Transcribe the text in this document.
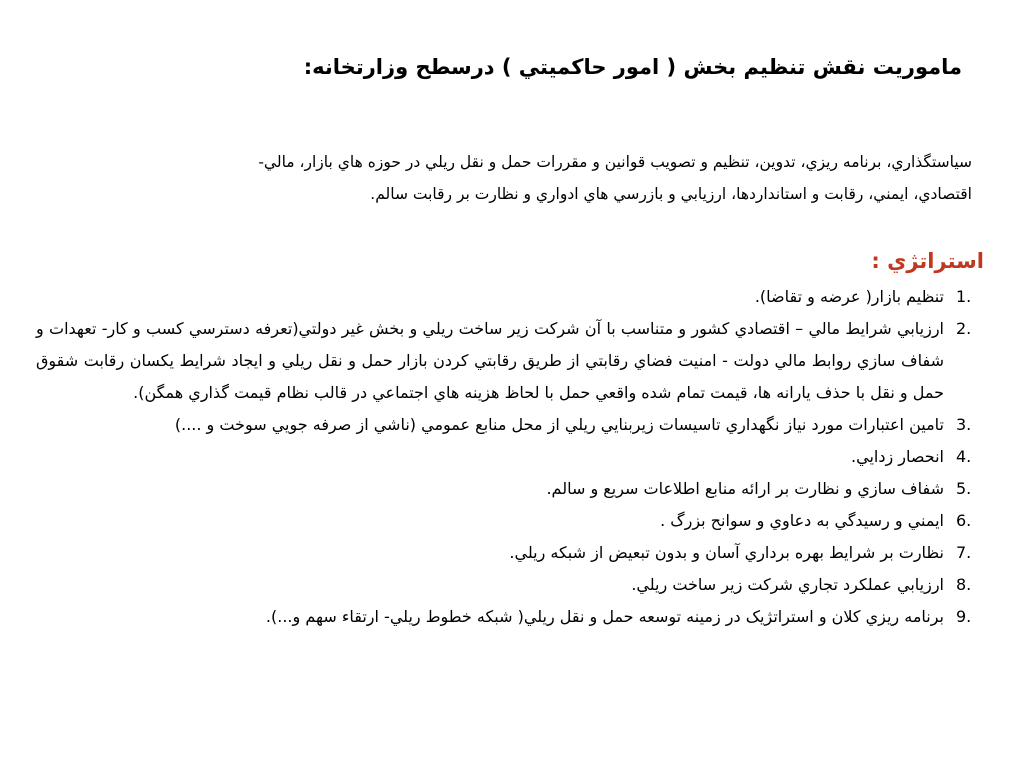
ماموريت نقش تنظيم بخش ( امور حاكميتي ) درسطح وزارتخانه:
سياستگذاري، برنامه ريزي، تدوين، تنظيم و تصويب قوانين و مقررات حمل و نقل ريلي در حوزه هاي بازار، مالي-
اقتصادي، ايمني، رقابت و استانداردها، ارزيابي و بازرسي هاي ادواري و نظارت بر رقابت سالم.
استراتژي :
1.
تنظيم بازار( عرضه و تقاضا).
2.
ارزيابي شرايط مالي – اقتصادي كشور و متناسب با آن شركت زير ساخت ريلي و بخش غير دولتي(تعرفه دسترسي كسب و كار- تعهدات و شفاف سازي روابط مالي دولت - امنيت فضاي رقابتي از طريق رقابتي كردن بازار حمل و نقل ريلي و ايجاد شرايط يكسان رقابت شقوق حمل و نقل با حذف يارانه ها، قيمت تمام شده واقعي حمل با لحاظ هزينه هاي اجتماعي در قالب نظام قيمت گذاري همگن).
3.
تامين اعتبارات مورد نياز نگهداري تاسيسات زيربنايي ريلي از محل منابع عمومي (ناشي از صرفه جويي سوخت و ....)
4.
انحصار زدايي.
5.
شفاف سازي و نظارت بر ارائه منابع اطلاعات سريع و سالم.
6.
ايمني و رسيدگي به دعاوي و سوانح بزرگ .
7.
نظارت بر شرايط بهره برداري آسان و بدون تبعيض از شبكه ريلي.
8.
ارزيابي عملكرد تجاري شركت زير ساخت ريلي.
9.
برنامه ريزي كلان و استراتژيک در زمينه توسعه حمل و نقل ريلي( شبكه خطوط ريلي- ارتقاء سهم و...).
